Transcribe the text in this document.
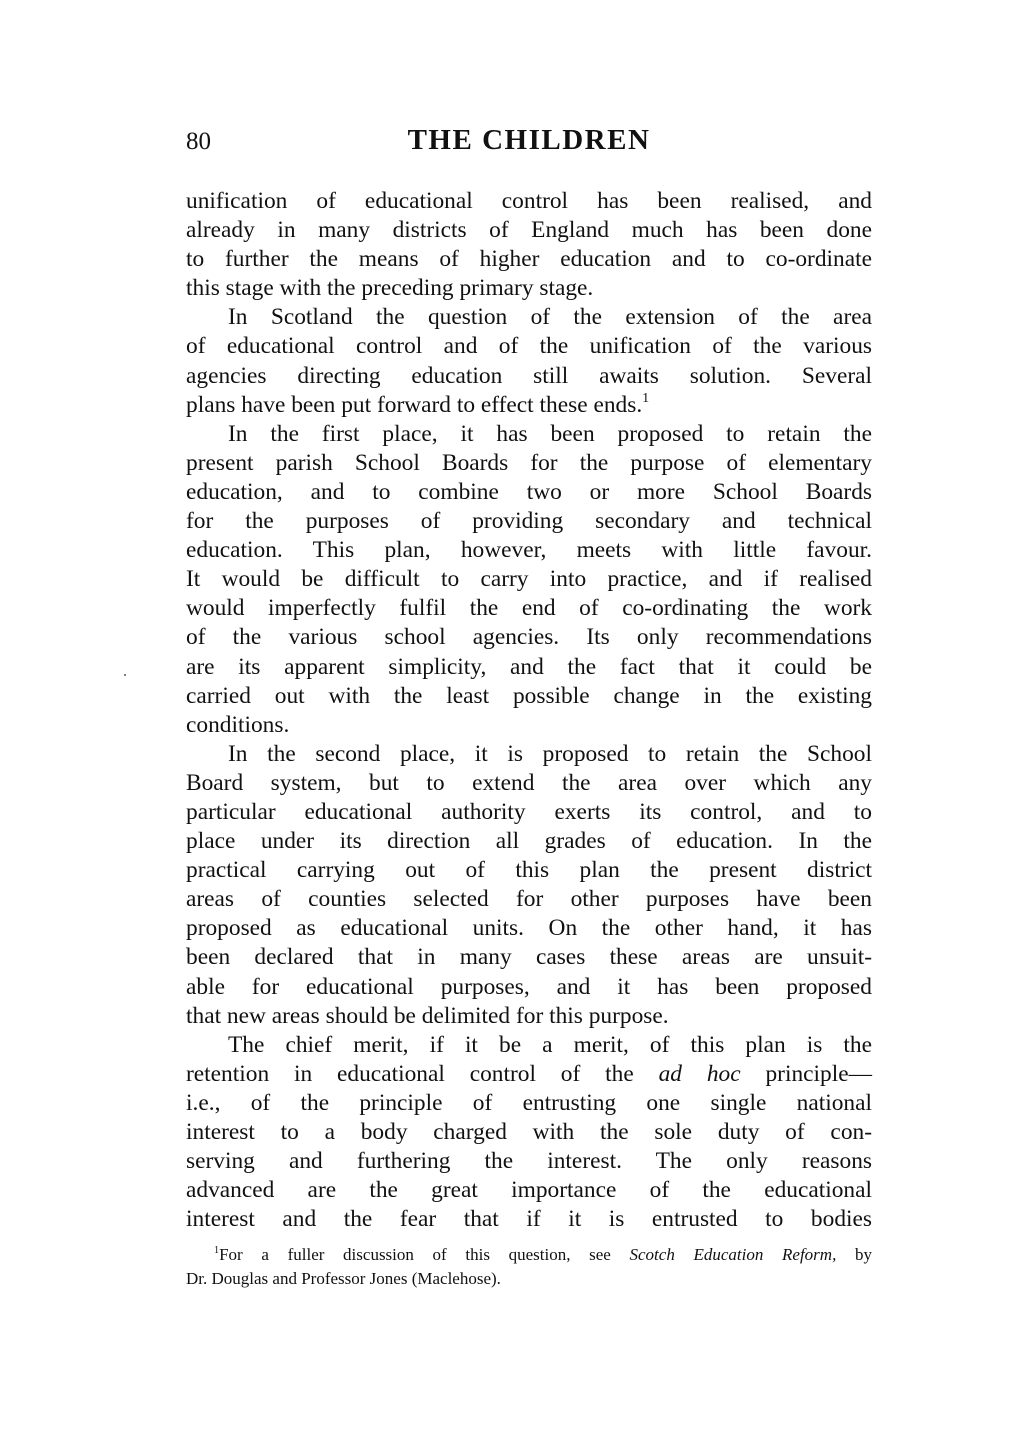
80	THE CHILDREN
unification of educational control has been realised, and
already in many districts of England much has been done
to further the means of higher education and to co-ordinate
this stage with the preceding primary stage.
In Scotland the question of the extension of the area
of educational control and of the unification of the various
agencies directing education still awaits solution. Several
plans have been put forward to effect these ends.$^1$
In the first place, it has been proposed to retain the
present parish School Boards for the purpose of elementary
education, and to combine two or more School Boards
for the purposes of providing secondary and technical
education. This plan, however, meets with little favour.
It would be difficult to carry into practice, and if realised
would imperfectly fulfil the end of co-ordinating the work
of the various school agencies. Its only recommendations
are its apparent simplicity, and the fact that it could be
carried out with the least possible change in the existing
conditions.
In the second place, it is proposed to retain the School
Board system, but to extend the area over which any
particular educational authority exerts its control, and to
place under its direction all grades of education. In the
practical carrying out of this plan the present district
areas of counties selected for other purposes have been
proposed as educational units. On the other hand, it has
been declared that in many cases these areas are unsuit-
able for educational purposes, and it has been proposed
that new areas should be delimited for this purpose.
The chief merit, if it be a merit, of this plan is the
retention in educational control of the ad hoc principle—
i.e., of the principle of entrusting one single national
interest to a body charged with the sole duty of con-
serving and furthering the interest. The only reasons
advanced are the great importance of the educational
interest and the fear that if it is entrusted to bodies
$^1$For a fuller discussion of this question, see Scotch Education Reform, by
Dr. Douglas and Professor Jones (Maclehose).
